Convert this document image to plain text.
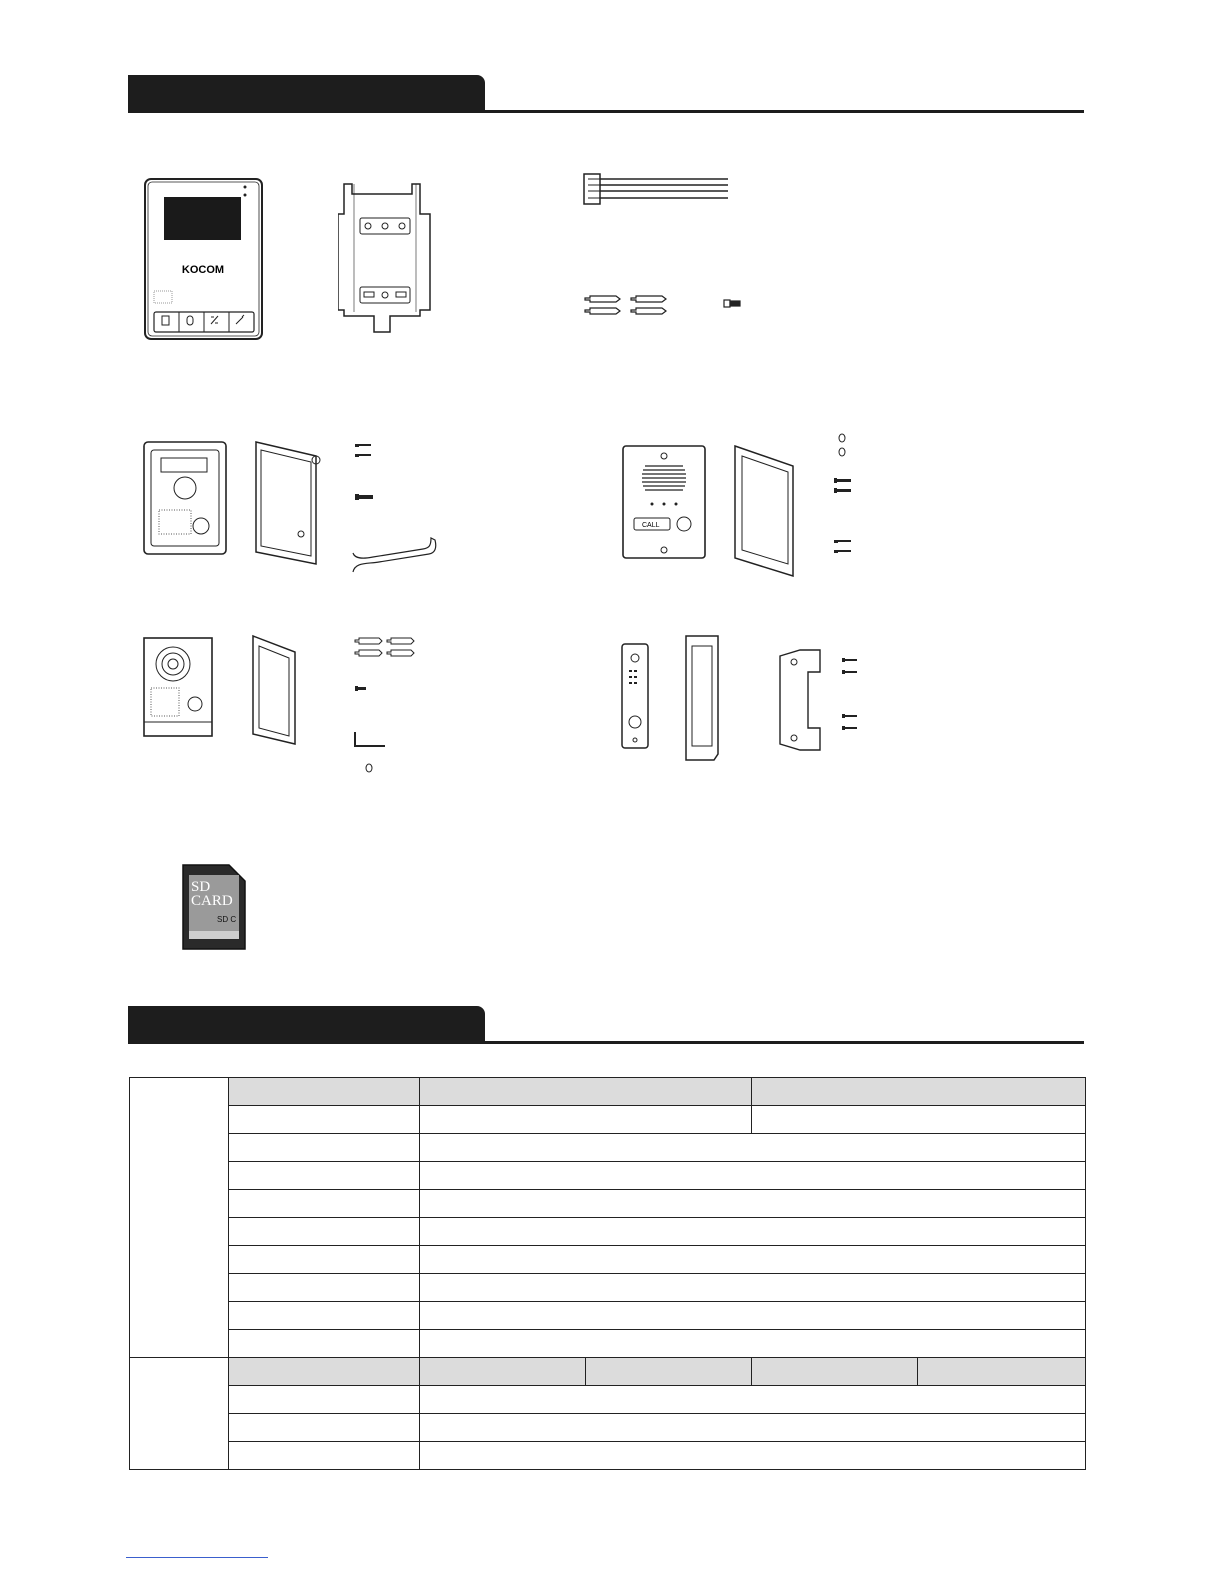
KOCOM
CALL
SD
CARD
SD C
